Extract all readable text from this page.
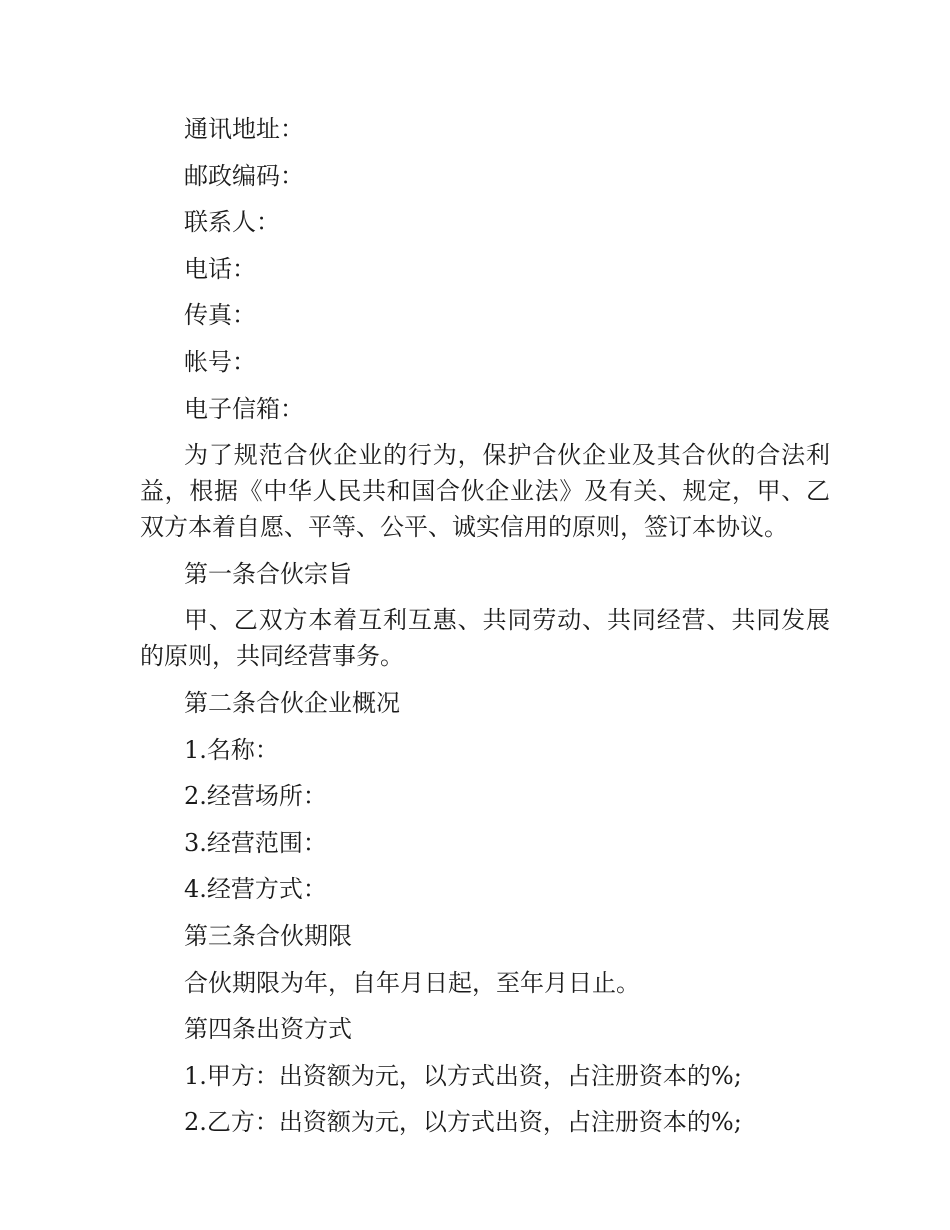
通讯地址：
邮政编码：
联系人：
电话：
传真：
帐号：
电子信箱：

为了规范合伙企业的行为，保护合伙企业及其合伙的合法利益，根据《中华人民共和国合伙企业法》及有关、规定，甲、乙双方本着自愿、平等、公平、诚实信用的原则，签订本协议。

第一条合伙宗旨

甲、乙双方本着互利互惠、共同劳动、共同经营、共同发展的原则，共同经营事务。

第二条合伙企业概况
1.名称：
2.经营场所：
3.经营范围：
4.经营方式：
第三条合伙期限
合伙期限为年，自年月日起，至年月日止。
第四条出资方式
1.甲方：出资额为元，以方式出资，占注册资本的%;
2.乙方：出资额为元，以方式出资，占注册资本的%;
